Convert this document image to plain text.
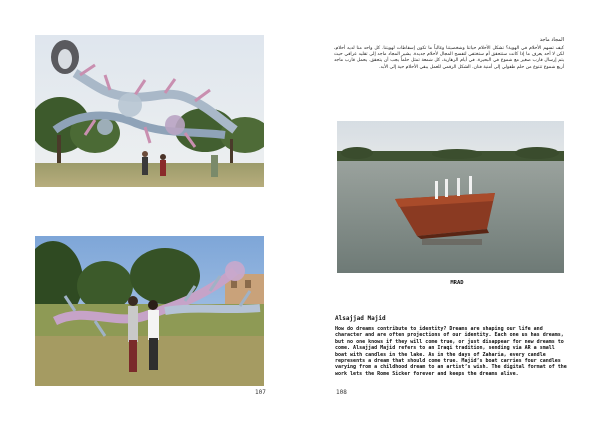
107
المجاد ماجد
كيف تسهم الأحلام في الهوية؟ تشكل الأحلام حياتنا وشخصيتنا وغالباً ما تكون إسقاطات لهويتنا. كل واحد منا لديه أحلام، لكن لا أحد يعرف ما إذا كانت ستتحقق أم ستختفي لتفسح المجال لأحلام جديدة. يشير المجاد ماجد إلى تقليد عراقي حيث يتم إرسال قارب صغير مع شموع في البحيرة. في أيام الزهارية، كل شمعة تمثل حلماً يجب أن يتحقق. يحمل قارب ماجد أربع شموع تتنوع من حلم طفولي إلى أمنية فنان. الشكل الرقمي للعمل يبقي الأحلام حية إلى الأبد.
MRAD
Alsajjad Majid
How do dreams contribute to identity? Dreams are shaping our life and character and are often projections of our identity. Each one us has dreams, but no one knows if they will come true, or just disappear for new dreams to come. Alsajjad Majid refers to an Iraqi tradition, sending via AR a small boat with candles in the lake. As in the days of Zaharia, every candle represents a dream that should come true. Majid’s boat carries four candles varying from a childhood dream to an artist’s wish. The digital format of the work lets the Rome Sicker forever and keeps the dreams alive.
108
